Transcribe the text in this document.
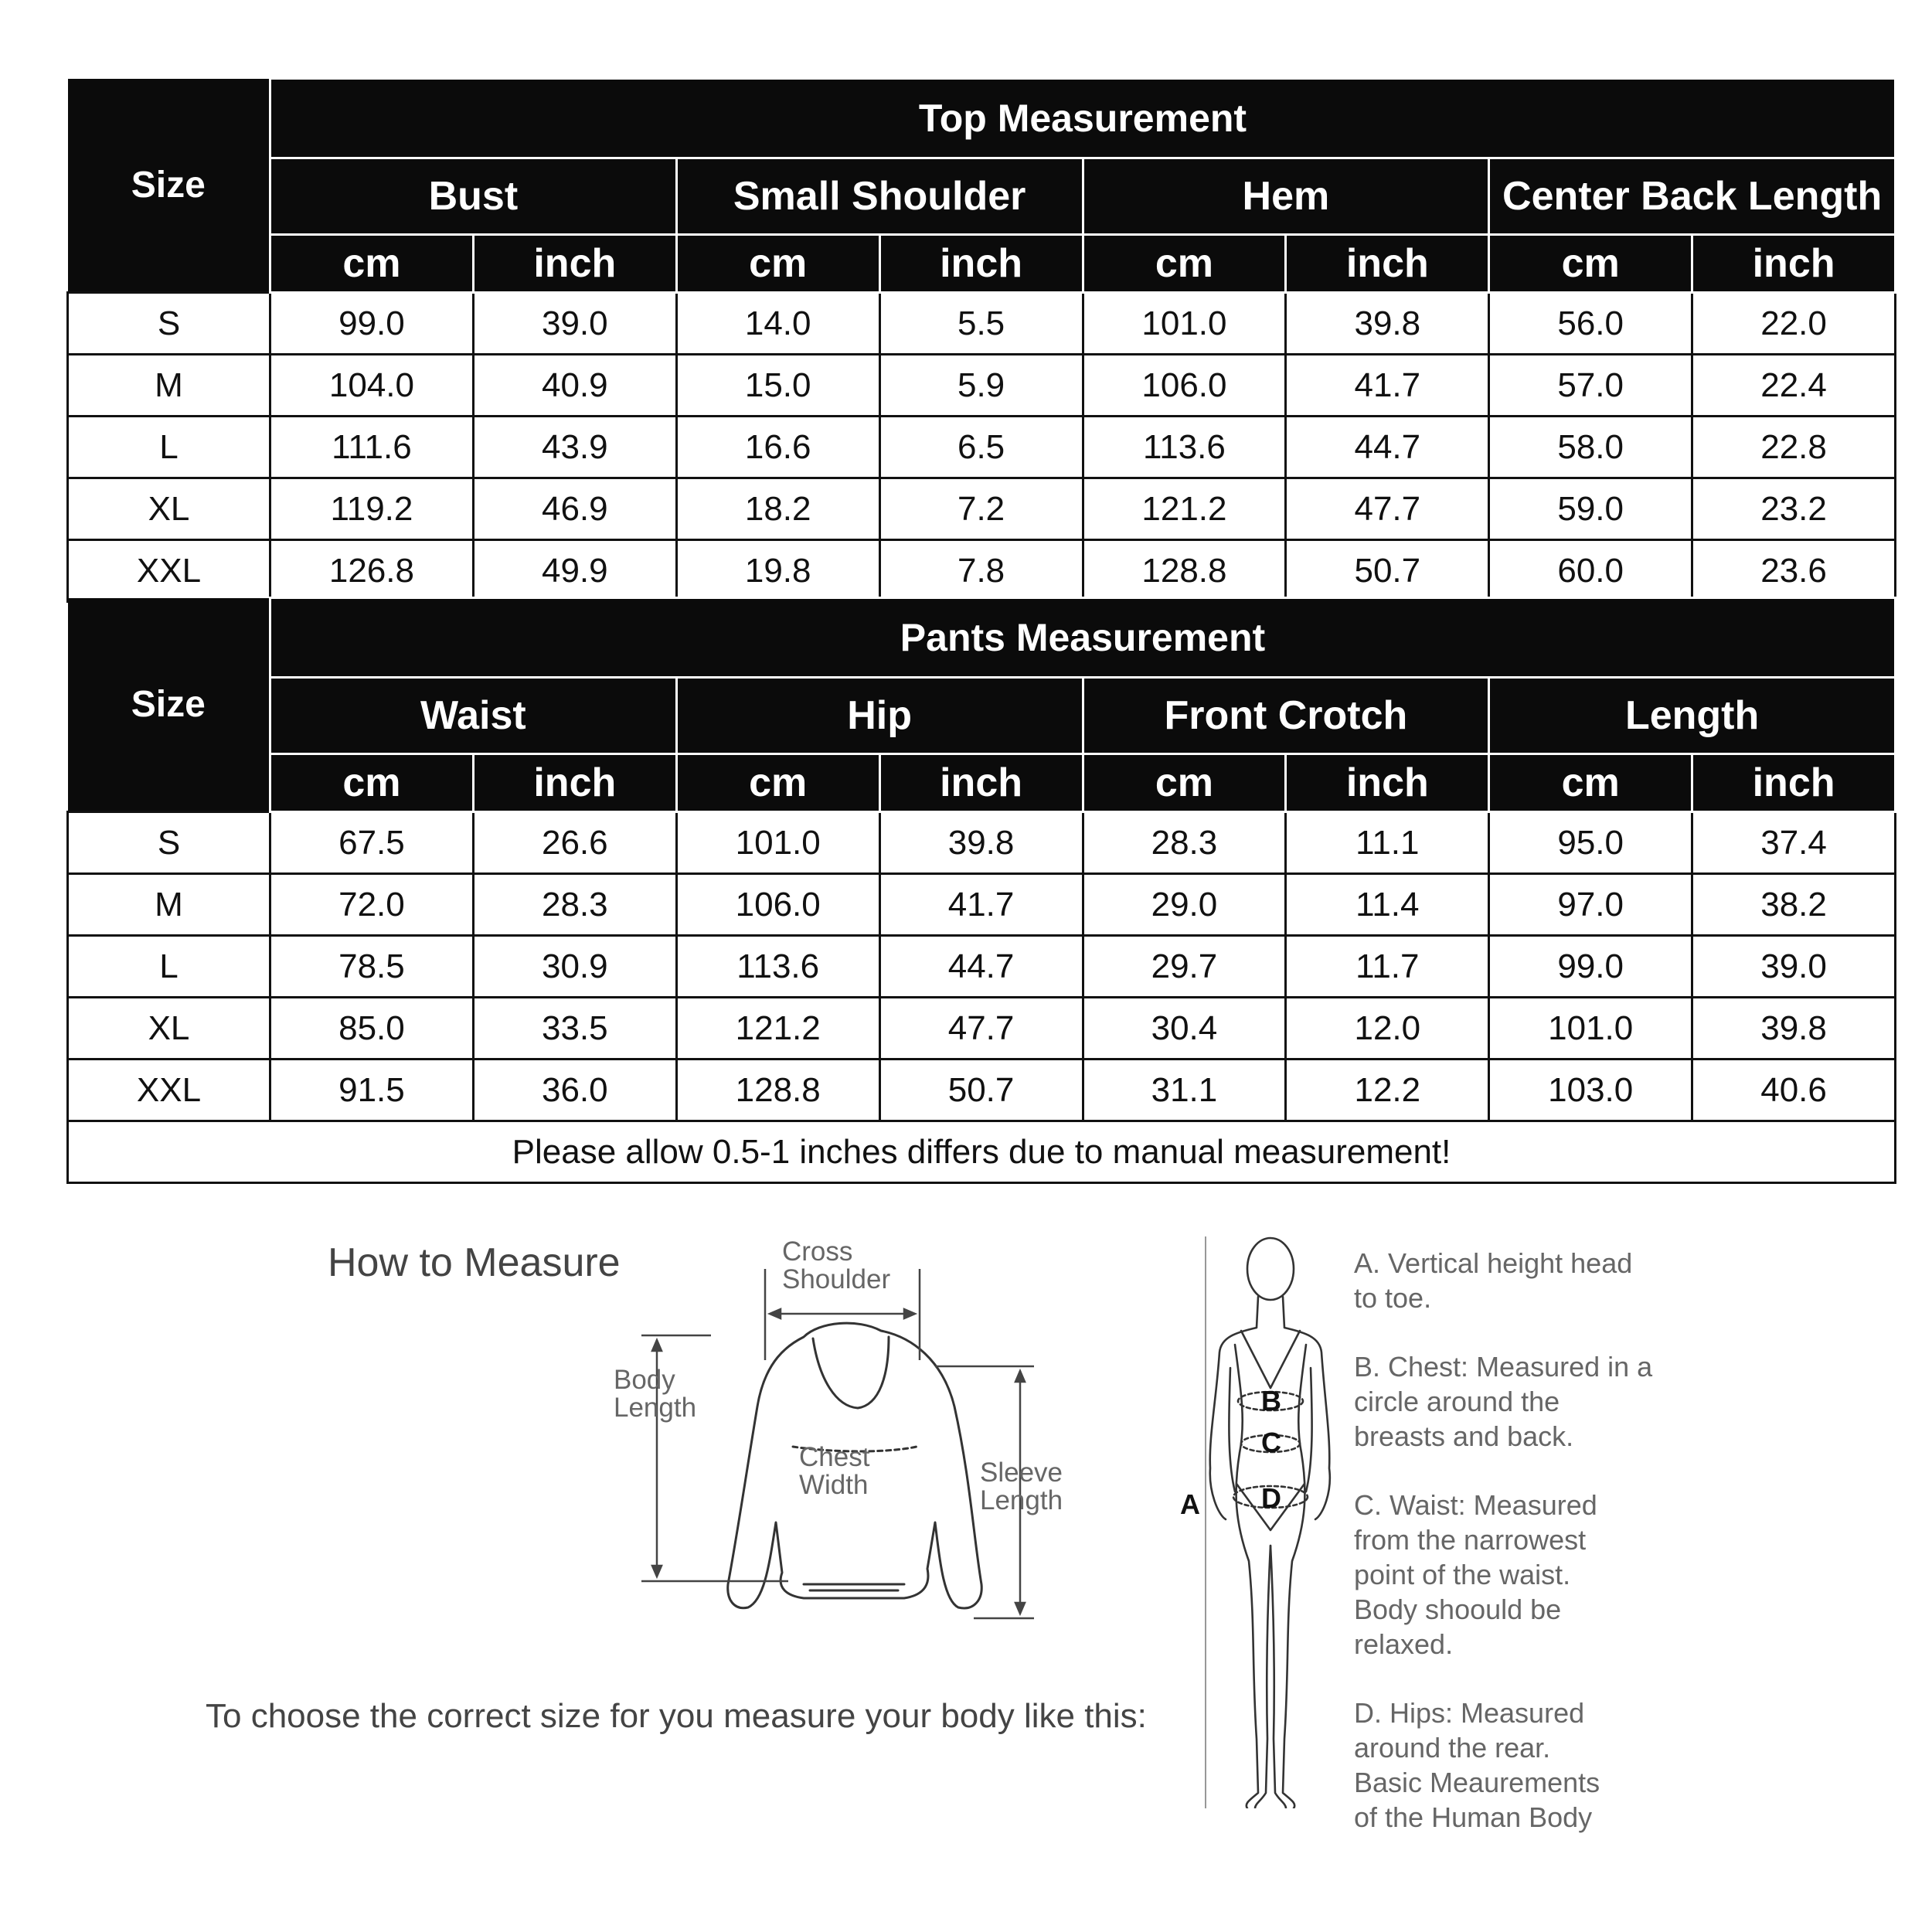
Size	Top Measurement							
	Bust		Small Shoulder		Hem		Center Back Length	
	cm	inch	cm	inch	cm	inch	cm	inch
S	99.0	39.0	14.0	5.5	101.0	39.8	56.0	22.0
M	104.0	40.9	15.0	5.9	106.0	41.7	57.0	22.4
L	111.6	43.9	16.6	6.5	113.6	44.7	58.0	22.8
XL	119.2	46.9	18.2	7.2	121.2	47.7	59.0	23.2
XXL	126.8	49.9	19.8	7.8	128.8	50.7	60.0	23.6
Size	Pants Measurement							
	Waist		Hip		Front Crotch		Length	
	cm	inch	cm	inch	cm	inch	cm	inch
S	67.5	26.6	101.0	39.8	28.3	11.1	95.0	37.4
M	72.0	28.3	106.0	41.7	29.0	11.4	97.0	38.2
L	78.5	30.9	113.6	44.7	29.7	11.7	99.0	39.0
XL	85.0	33.5	121.2	47.7	30.4	12.0	101.0	39.8
XXL	91.5	36.0	128.8	50.7	31.1	12.2	103.0	40.6
Please allow 0.5-1 inches differs due to manual measurement!								
How to Measure	Cross
Shoulder
Body
Length
Chest
Width	Sleeve
Length	A
B
C
D

A. Vertical height head
to toe.

B. Chest: Measured in a
circle around the
breasts and back.

C. Waist: Measured
from the narrowest
point of the waist.
Body shoould be
relaxed.

D. Hips: Measured
around the rear.
Basic Meaurements
of the Human Body

To choose the correct size for you measure your body like this:
